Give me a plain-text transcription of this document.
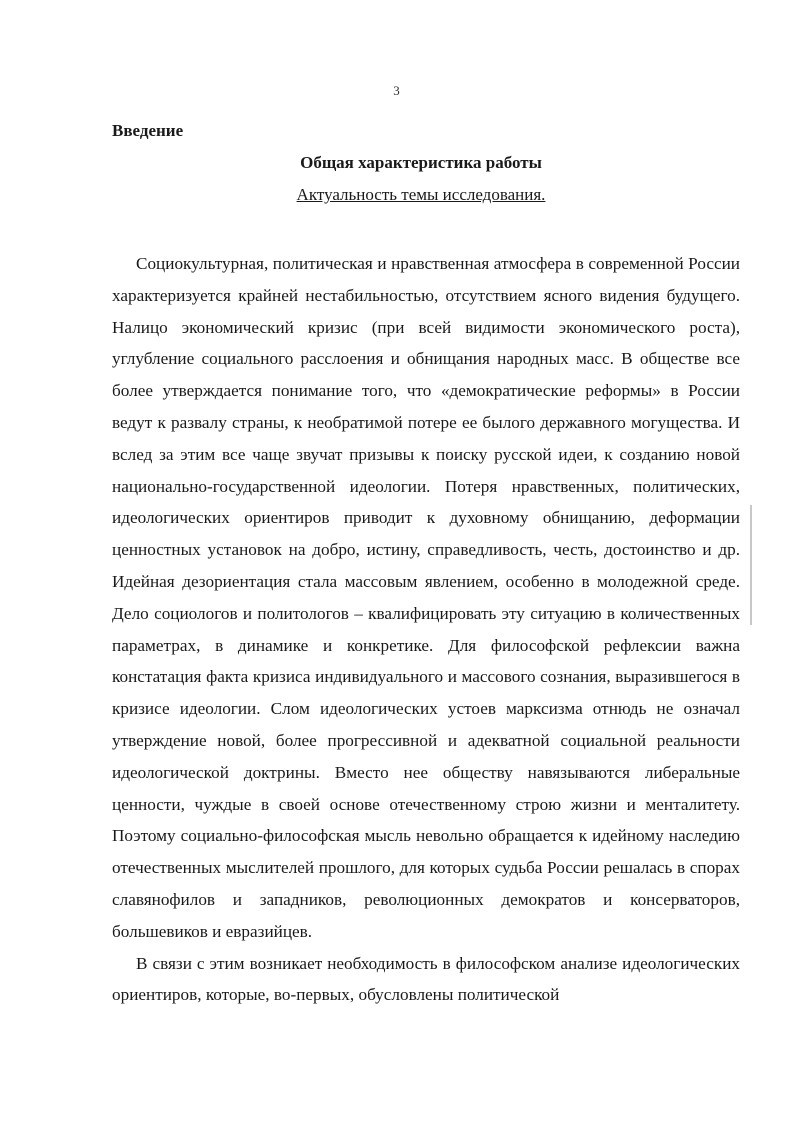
3
Введение
Общая характеристика работы
Актуальность темы исследования.

Социокультурная, политическая и нравственная атмосфера в современной России характеризуется крайней нестабильностью, отсутствием ясного видения будущего. Налицо экономический кризис (при всей видимости экономического роста), углубление социального расслоения и обнищания народных масс. В обществе все более утверждается понимание того, что «демократические реформы» в России ведут к развалу страны, к необратимой потере ее былого державного могущества. И вслед за этим все чаще звучат призывы к поиску русской идеи, к созданию новой национально-государственной идеологии. Потеря нравственных, политических, идеологических ориентиров приводит к духовному обнищанию, деформации ценностных установок на добро, истину, справедливость, честь, достоинство и др. Идейная дезориентация стала массовым явлением, особенно в молодежной среде. Дело социологов и политологов – квалифицировать эту ситуацию в количественных параметрах, в динамике и конкретике. Для философской рефлексии важна констатация факта кризиса индивидуального и массового сознания, выразившегося в кризисе идеологии. Слом идеологических устоев марксизма отнюдь не означал утверждение новой, более прогрессивной и адекватной социальной реальности идеологической доктрины. Вместо нее обществу навязываются либеральные ценности, чуждые в своей основе отечественному строю жизни и менталитету. Поэтому социально-философская мысль невольно обращается к идейному наследию отечественных мыслителей прошлого, для которых судьба России решалась в спорах славянофилов и западников, революционных демократов и консерваторов, большевиков и евразийцев.

В связи с этим возникает необходимость в философском анализе идеологических ориентиров, которые, во-первых, обусловлены политической
